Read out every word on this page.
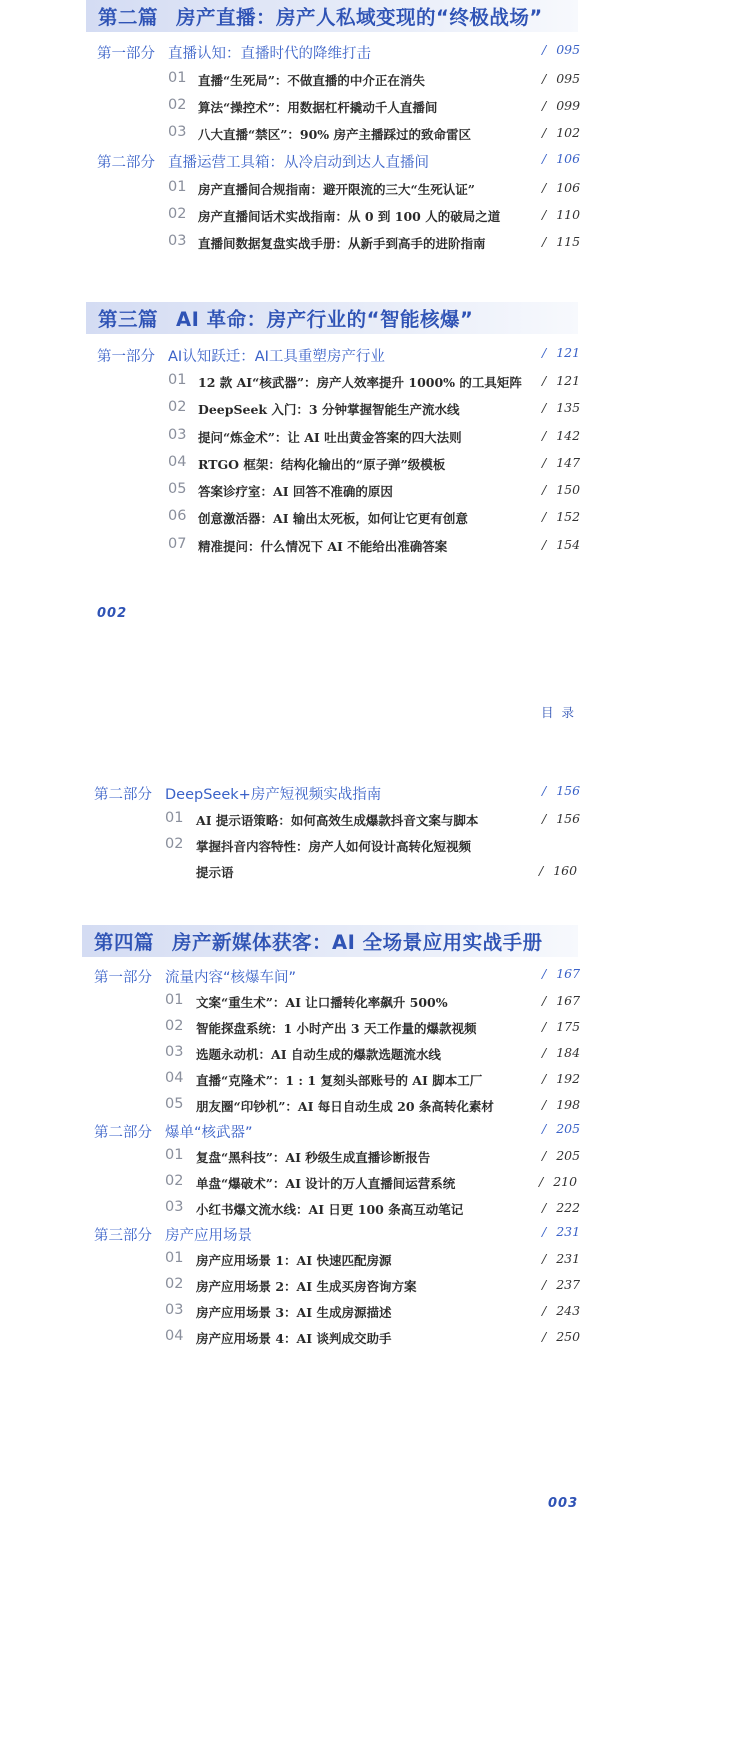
第二篇 房产直播：房产人私域变现的“终极战场”
第一部分 直播认知：直播时代的降维打击	/ 095
01 直播“生死局”：不做直播的中介正在消失	/ 095
02 算法“操控术”：用数据杠杆撬动千人直播间	/ 099
03 八大直播“禁区”：90% 房产主播踩过的致命雷区	/ 102
第二部分 直播运营工具箱：从冷启动到达人直播间	/ 106
01 房产直播间合规指南：避开限流的三大“生死认证”	/ 106
02 房产直播间话术实战指南：从 0 到 100 人的破局之道	/ 110
03 直播间数据复盘实战手册：从新手到高手的进阶指南	/ 115
第三篇 AI 革命：房产行业的“智能核爆”
第一部分 AI认知跃迁：AI工具重塑房产行业	/ 121
01 12 款 AI“核武器”：房产人效率提升 1000% 的工具矩阵 / 121
02 DeepSeek 入门：3 分钟掌握智能生产流水线	/ 135
03 提问“炼金术”：让 AI 吐出黄金答案的四大法则	/ 142
04 RTGO 框架：结构化输出的“原子弹”级模板	/ 147
05 答案诊疗室：AI 回答不准确的原因	/ 150
06 创意激活器：AI 输出太死板，如何让它更有创意	/ 152
07 精准提问：什么情况下 AI 不能给出准确答案	/ 154
002
目录
第二部分 DeepSeek+房产短视频实战指南	/ 156
01 AI 提示语策略：如何高效生成爆款抖音文案与脚本	/ 156
02 掌握抖音内容特性：房产人如何设计高转化短视频
提示语	/ 160
第四篇 房产新媒体获客：AI 全场景应用实战手册
第一部分 流量内容“核爆车间”	/ 167
01 文案“重生术”：AI 让口播转化率飙升 500%	/ 167
02 智能探盘系统：1 小时产出 3 天工作量的爆款视频	/ 175
03 选题永动机：AI 自动生成的爆款选题流水线	/ 184
04 直播“克隆术”：1 : 1 复刻头部账号的 AI 脚本工厂	/ 192
05 朋友圈“印钞机”：AI 每日自动生成 20 条高转化素材	/ 198
第二部分 爆单“核武器”	/ 205
01 复盘“黑科技”：AI 秒级生成直播诊断报告	/ 205
02 单盘“爆破术”：AI 设计的万人直播间运营系统	/ 210
03 小红书爆文流水线：AI 日更 100 条高互动笔记	/ 222
第三部分 房产应用场景	/ 231
01 房产应用场景 1：AI 快速匹配房源	/ 231
02 房产应用场景 2：AI 生成买房咨询方案	/ 237
03 房产应用场景 3：AI 生成房源描述	/ 243
04 房产应用场景 4：AI 谈判成交助手	/ 250
003
